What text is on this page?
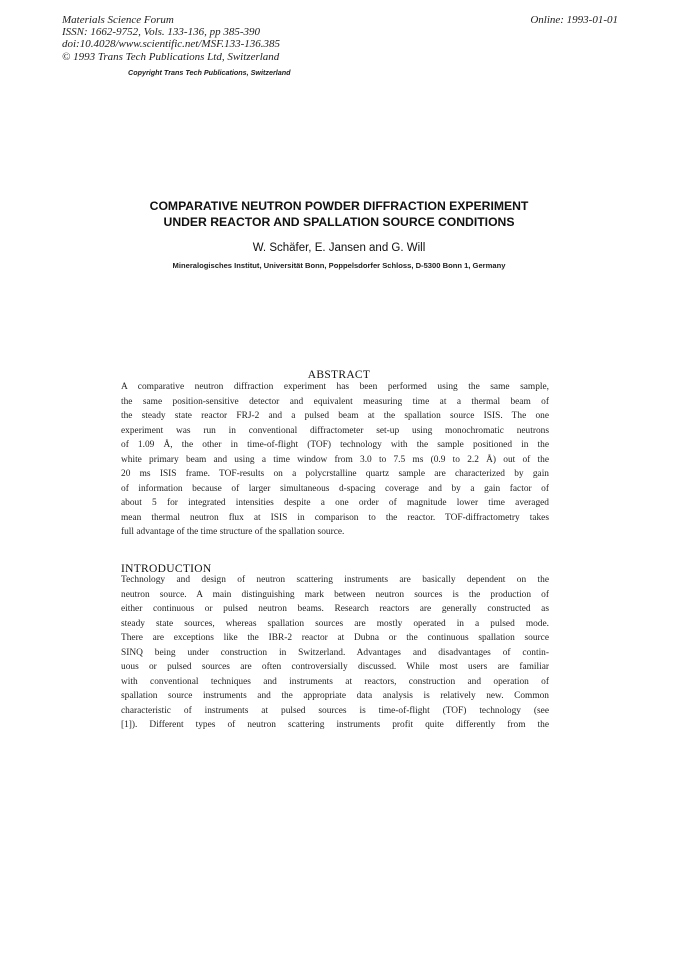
Materials Science Forum
ISSN: 1662-9752, Vols. 133-136, pp 385-390
doi:10.4028/www.scientific.net/MSF.133-136.385
© 1993 Trans Tech Publications Ltd, Switzerland
Online: 1993-01-01
Copyright Trans Tech Publications, Switzerland
COMPARATIVE NEUTRON POWDER DIFFRACTION EXPERIMENT
UNDER REACTOR AND SPALLATION SOURCE CONDITIONS
W. Schäfer, E. Jansen and G. Will
Mineralogisches Institut, Universität Bonn, Poppelsdorfer Schloss, D-5300 Bonn 1, Germany
ABSTRACT
A comparative neutron diffraction experiment has been performed using the same sample,
the same position-sensitive detector and equivalent measuring time at a thermal beam of
the steady state reactor FRJ-2 and a pulsed beam at the spallation source ISIS. The one
experiment was run in conventional diffractometer set-up using monochromatic neutrons
of 1.09 Å, the other in time-of-flight (TOF) technology with the sample positioned in the
white primary beam and using a time window from 3.0 to 7.5 ms (0.9 to 2.2 Å) out of the
20 ms ISIS frame. TOF-results on a polycrstalline quartz sample are characterized by gain
of information because of larger simultaneous d-spacing coverage and by a gain factor of
about 5 for integrated intensities despite a one order of magnitude lower time averaged
mean thermal neutron flux at ISIS in comparison to the reactor. TOF-diffractometry takes
full advantage of the time structure of the spallation source.
INTRODUCTION
Technology and design of neutron scattering instruments are basically dependent on the
neutron source. A main distinguishing mark between neutron sources is the production of
either continuous or pulsed neutron beams. Research reactors are generally constructed as
steady state sources, whereas spallation sources are mostly operated in a pulsed mode.
There are exceptions like the IBR-2 reactor at Dubna or the continuous spallation source
SINQ being under construction in Switzerland. Advantages and disadvantages of contin-
uous or pulsed sources are often controversially discussed. While most users are familiar
with conventional techniques and instruments at reactors, construction and operation of
spallation source instruments and the appropriate data analysis is relatively new. Common
characteristic of instruments at pulsed sources is time-of-flight (TOF) technology (see
[1]). Different types of neutron scattering instruments profit quite differently from the
